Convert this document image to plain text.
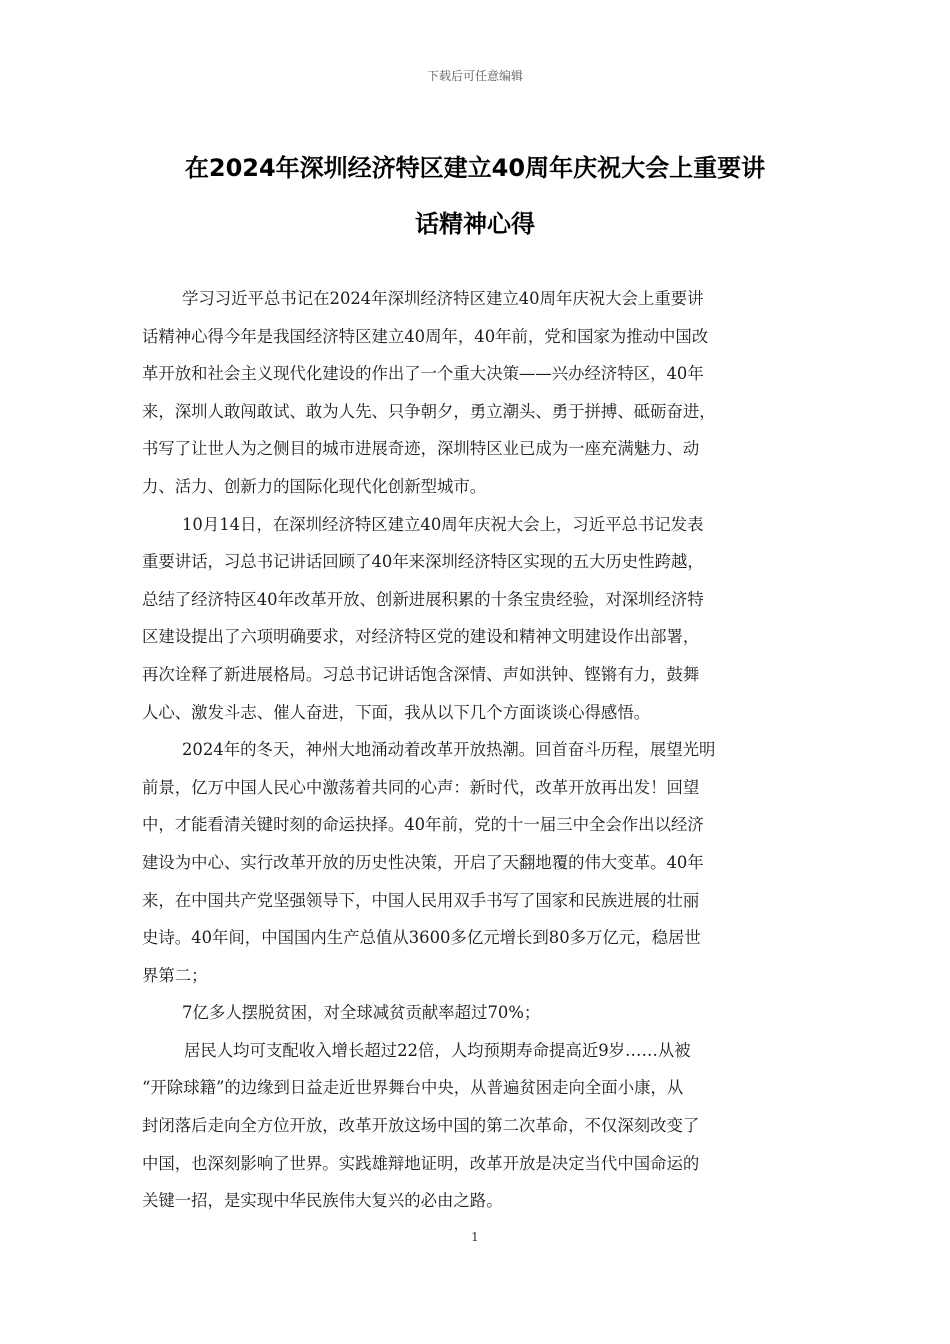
下载后可任意编辑
在2024年深圳经济特区建立40周年庆祝大会上重要讲
话精神心得
学习习近平总书记在2024年深圳经济特区建立40周年庆祝大会上重要讲
话精神心得今年是我国经济特区建立40周年，40年前，党和国家为推动中国改
革开放和社会主义现代化建设的作出了一个重大决策——兴办经济特区，40年
来，深圳人敢闯敢试、敢为人先、只争朝夕，勇立潮头、勇于拼搏、砥砺奋进，
书写了让世人为之侧目的城市进展奇迹，深圳特区业已成为一座充满魅力、动
力、活力、创新力的国际化现代化创新型城市。
10月14日，在深圳经济特区建立40周年庆祝大会上，习近平总书记发表
重要讲话，习总书记讲话回顾了40年来深圳经济特区实现的五大历史性跨越，
总结了经济特区40年改革开放、创新进展积累的十条宝贵经验，对深圳经济特
区建设提出了六项明确要求，对经济特区党的建设和精神文明建设作出部署，
再次诠释了新进展格局。习总书记讲话饱含深情、声如洪钟、铿锵有力，鼓舞
人心、激发斗志、催人奋进，下面，我从以下几个方面谈谈心得感悟。
2024年的冬天，神州大地涌动着改革开放热潮。回首奋斗历程，展望光明
前景，亿万中国人民心中激荡着共同的心声：新时代，改革开放再出发！回望
中，才能看清关键时刻的命运抉择。40年前，党的十一届三中全会作出以经济
建设为中心、实行改革开放的历史性决策，开启了天翻地覆的伟大变革。40年
来，在中国共产党坚强领导下，中国人民用双手书写了国家和民族进展的壮丽
史诗。40年间，中国国内生产总值从3600多亿元增长到80多万亿元，稳居世
界第二；
7亿多人摆脱贫困，对全球减贫贡献率超过70%；
居民人均可支配收入增长超过22倍，人均预期寿命提高近9岁……从被
“开除球籍”的边缘到日益走近世界舞台中央，从普遍贫困走向全面小康，从
封闭落后走向全方位开放，改革开放这场中国的第二次革命，不仅深刻改变了
中国，也深刻影响了世界。实践雄辩地证明，改革开放是决定当代中国命运的
关键一招，是实现中华民族伟大复兴的必由之路。
1
